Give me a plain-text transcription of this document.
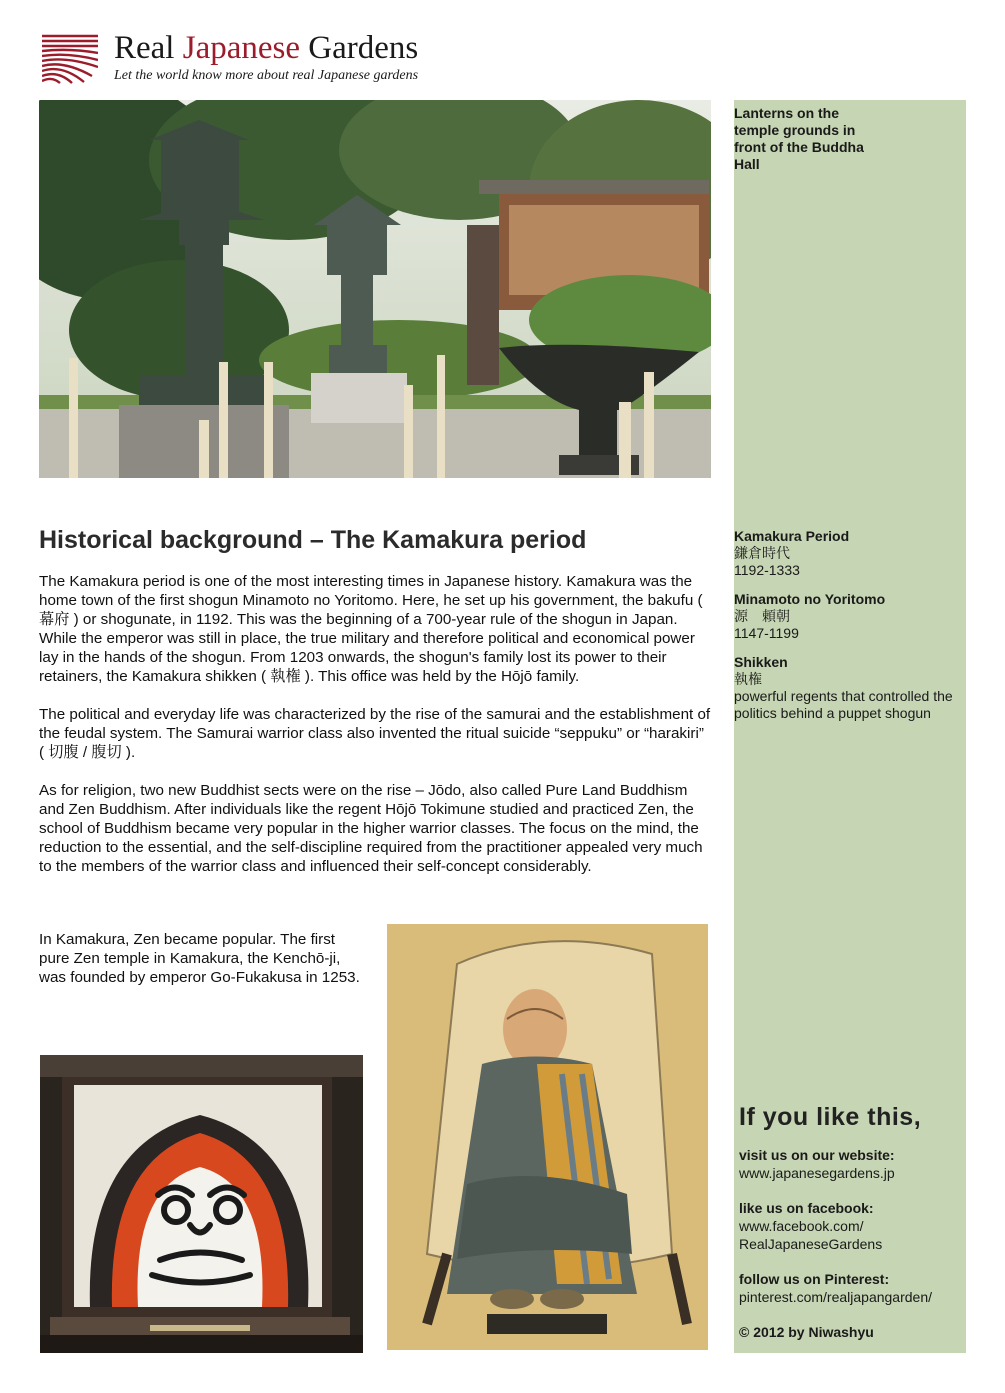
Real Japanese Gardens
Let the world know more about real Japanese gardens
Lanterns on the temple grounds in front of the Buddha Hall
Kamakura Period
鎌倉時代
1192-1333
Minamoto no Yoritomo
源　頼朝
1147-1199
Shikken
執権
powerful regents that controlled the politics behind a puppet shogun
If you like this,
visit us on our website:
www.japanesegardens.jp
like us on facebook:
www.facebook.com/
RealJapaneseGardens
follow us on Pinterest:
pinterest.com/realjapangarden/
© 2012 by Niwashyu
Historical background – The Kamakura period

The Kamakura period is one of the most interesting times in Japanese history. Kamakura was the home town of the first shogun Minamoto no Yoritomo. Here, he set up his government, the bakufu ( 幕府 ) or shogunate, in 1192. This was the beginning of a 700-year rule of the shogun in Japan. While the emperor was still in place, the true military and therefore political and economical power lay in the hands of the shogun. From 1203 onwards, the shogun's family lost its power to their retainers, the Kamakura shikken ( 執権 ). This office was held by the Hōjō family.

The political and everyday life was characterized by the rise of the samurai and the establishment of the feudal system. The Samurai warrior class also invented the ritual suicide “seppuku” or “harakiri” ( 切腹 / 腹切 ).

As for religion, two new Buddhist sects were on the rise – Jōdo, also called Pure Land Buddhism and Zen Buddhism. After individuals like the regent Hōjō Tokimune studied and practiced Zen, the school of Buddhism became very popular in the higher warrior classes. The focus on the mind, the reduction to the essential, and the self-discipline required from the practitioner appealed very much to the members of the warrior class and influenced their self-concept considerably.

In Kamakura, Zen became popular. The first pure Zen temple in Kamakura, the Kenchō-ji, was founded by emperor Go-Fukakusa in 1253.
